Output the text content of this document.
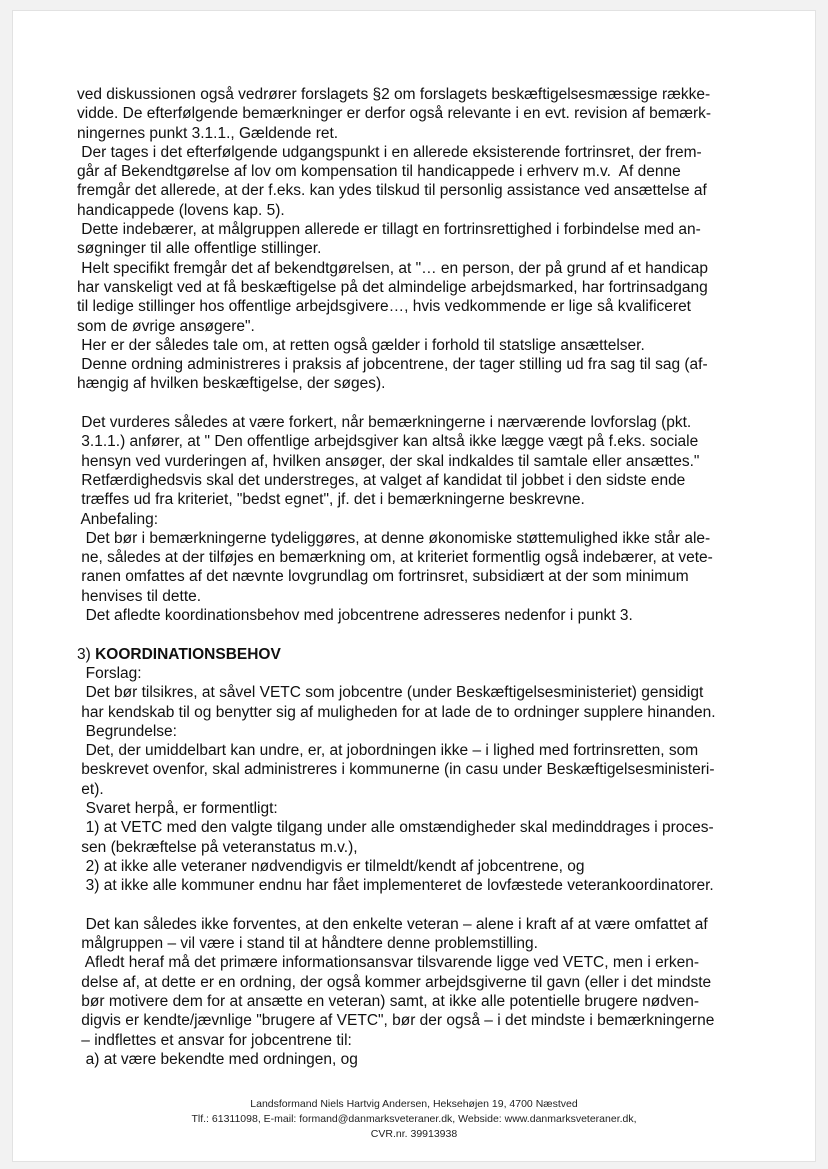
ved diskussionen også vedrører forslagets §2 om forslagets beskæftigelsesmæssige række-
vidde. De efterfølgende bemærkninger er derfor også relevante i en evt. revision af bemærk-
ningernes punkt 3.1.1., Gældende ret.
Der tages i det efterfølgende udgangspunkt i en allerede eksisterende fortrinsret, der frem-
går af Bekendtgørelse af lov om kompensation til handicappede i erhverv m.v.  Af denne
fremgår det allerede, at der f.eks. kan ydes tilskud til personlig assistance ved ansættelse af
handicappede (lovens kap. 5).
Dette indebærer, at målgruppen allerede er tillagt en fortrinsrettighed i forbindelse med an-
søgninger til alle offentlige stillinger.
Helt specifikt fremgår det af bekendtgørelsen, at "… en person, der på grund af et handicap
har vanskeligt ved at få beskæftigelse på det almindelige arbejdsmarked, har fortrinsadgang
til ledige stillinger hos offentlige arbejdsgivere…, hvis vedkommende er lige så kvalificeret
som de øvrige ansøgere".
Her er der således tale om, at retten også gælder i forhold til statslige ansættelser.
Denne ordning administreres i praksis af jobcentrene, der tager stilling ud fra sag til sag (af-
hængig af hvilken beskæftigelse, der søges).
Det vurderes således at være forkert, når bemærkningerne i nærværende lovforslag (pkt.
3.1.1.) anfører, at " Den offentlige arbejdsgiver kan altså ikke lægge vægt på f.eks. sociale
hensyn ved vurderingen af, hvilken ansøger, der skal indkaldes til samtale eller ansættes."
Retfærdighedsvis skal det understreges, at valget af kandidat til jobbet i den sidste ende
træffes ud fra kriteriet, "bedst egnet", jf. det i bemærkningerne beskrevne.
Anbefaling:
Det bør i bemærkningerne tydeliggøres, at denne økonomiske støttemulighed ikke står ale-
ne, således at der tilføjes en bemærkning om, at kriteriet formentlig også indebærer, at vete-
ranen omfattes af det nævnte lovgrundlag om fortrinsret, subsidiært at der som minimum
henvises til dette.
Det afledte koordinationsbehov med jobcentrene adresseres nedenfor i punkt 3.
3) KOORDINATIONSBEHOV
Forslag:
Det bør tilsikres, at såvel VETC som jobcentre (under Beskæftigelsesministeriet) gensidigt
har kendskab til og benytter sig af muligheden for at lade de to ordninger supplere hinanden.
Begrundelse:
Det, der umiddelbart kan undre, er, at jobordningen ikke – i lighed med fortrinsretten, som
beskrevet ovenfor, skal administreres i kommunerne (in casu under Beskæftigelsesministeri-
et).
Svaret herpå, er formentligt:
1) at VETC med den valgte tilgang under alle omstændigheder skal medinddrages i proces-
sen (bekræftelse på veteranstatus m.v.),
2) at ikke alle veteraner nødvendigvis er tilmeldt/kendt af jobcentrene, og
3) at ikke alle kommuner endnu har fået implementeret de lovfæstede veterankoordinatorer.
Det kan således ikke forventes, at den enkelte veteran – alene i kraft af at være omfattet af
målgruppen – vil være i stand til at håndtere denne problemstilling.
Afledt heraf må det primære informationsansvar tilsvarende ligge ved VETC, men i erken-
delse af, at dette er en ordning, der også kommer arbejdsgiverne til gavn (eller i det mindste
bør motivere dem for at ansætte en veteran) samt, at ikke alle potentielle brugere nødven-
digvis er kendte/jævnlige "brugere af VETC", bør der også – i det mindste i bemærkningerne
– indflettes et ansvar for jobcentrene til:
a) at være bekendte med ordningen, og
Landsformand Niels Hartvig Andersen, Heksehøjen 19, 4700 Næstved
Tlf.: 61311098, E-mail: formand@danmarksveteraner.dk, Webside: www.danmarksveteraner.dk,
CVR.nr. 39913938
